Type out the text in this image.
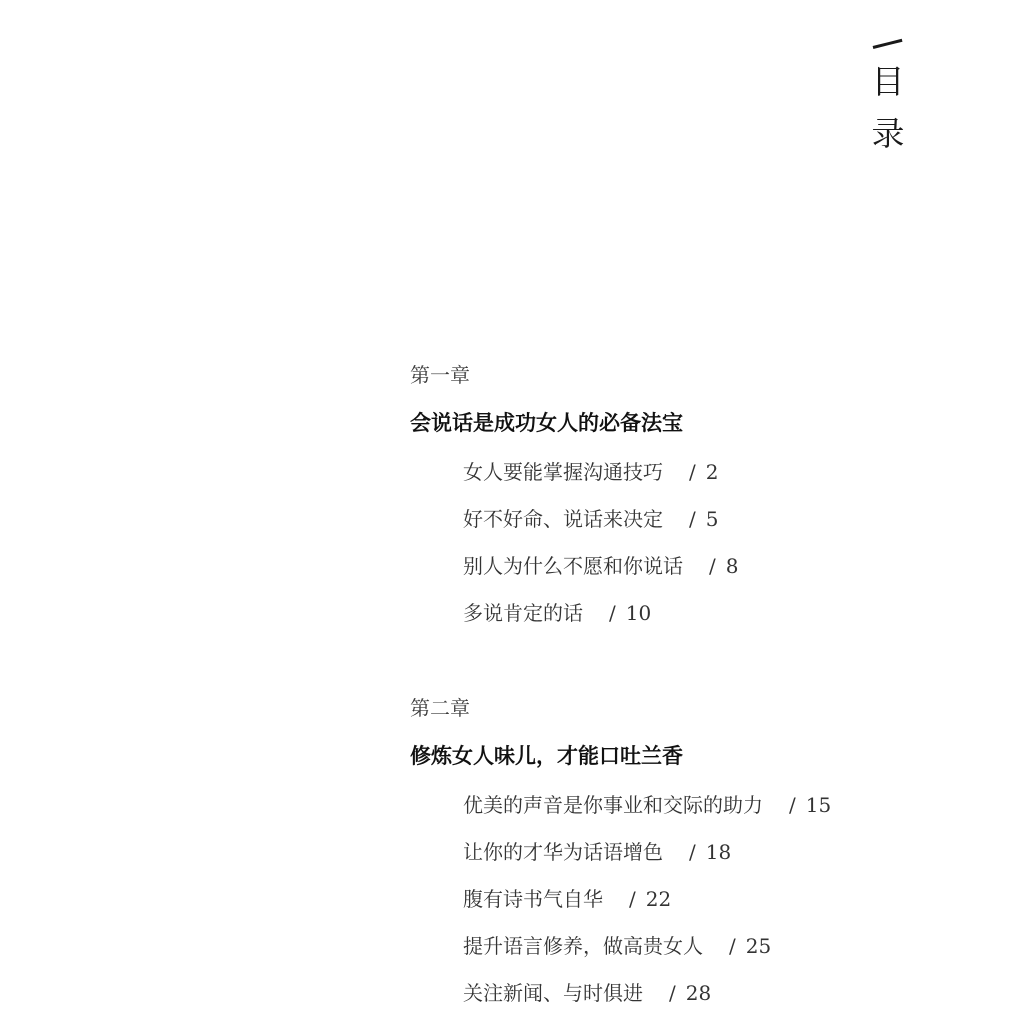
目
录
第一章
会说话是成功女人的必备法宝
女人要能掌握沟通技巧 / 2
好不好命、说话来决定 / 5
别人为什么不愿和你说话 / 8
多说肯定的话 / 10
第二章
修炼女人味儿，才能口吐兰香
优美的声音是你事业和交际的助力 / 15
让你的才华为话语增色 / 18
腹有诗书气自华 / 22
提升语言修养，做高贵女人 / 25
关注新闻、与时俱进 / 28
